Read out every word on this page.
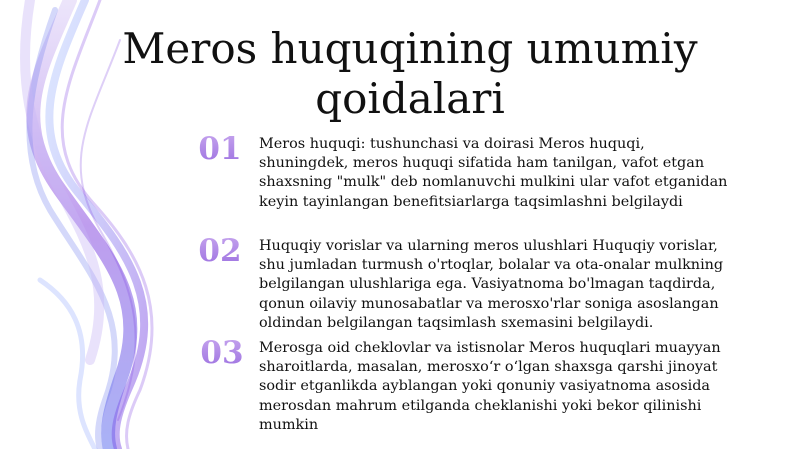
Meros huquqining umumiy qoidalari
01 Meros huquqi: tushunchasi va doirasi Meros huquqi, shuningdek, meros huquqi sifatida ham tanilgan, vafot etgan shaxsning "mulk" deb nomlanuvchi mulkini ular vafot etganidan keyin tayinlangan benefitsiarlarga taqsimlashni belgilaydi
02 Huquqiy vorislar va ularning meros ulushlari Huquqiy vorislar, shu jumladan turmush o'rtoqlar, bolalar va ota-onalar mulkning belgilangan ulushlariga ega. Vasiyatnoma bo'lmagan taqdirda, qonun oilaviy munosabatlar va merosxo'rlar soniga asoslangan oldindan belgilangan taqsimlash sxemasini belgilaydi.
03 Merosga oid cheklovlar va istisnolar Meros huquqlari muayyan sharoitlarda, masalan, merosxo‘r o‘lgan shaxsga qarshi jinoyat sodir etganlikda ayblangan yoki qonuniy vasiyatnoma asosida merosdan mahrum etilganda cheklanishi yoki bekor qilinishi mumkin
